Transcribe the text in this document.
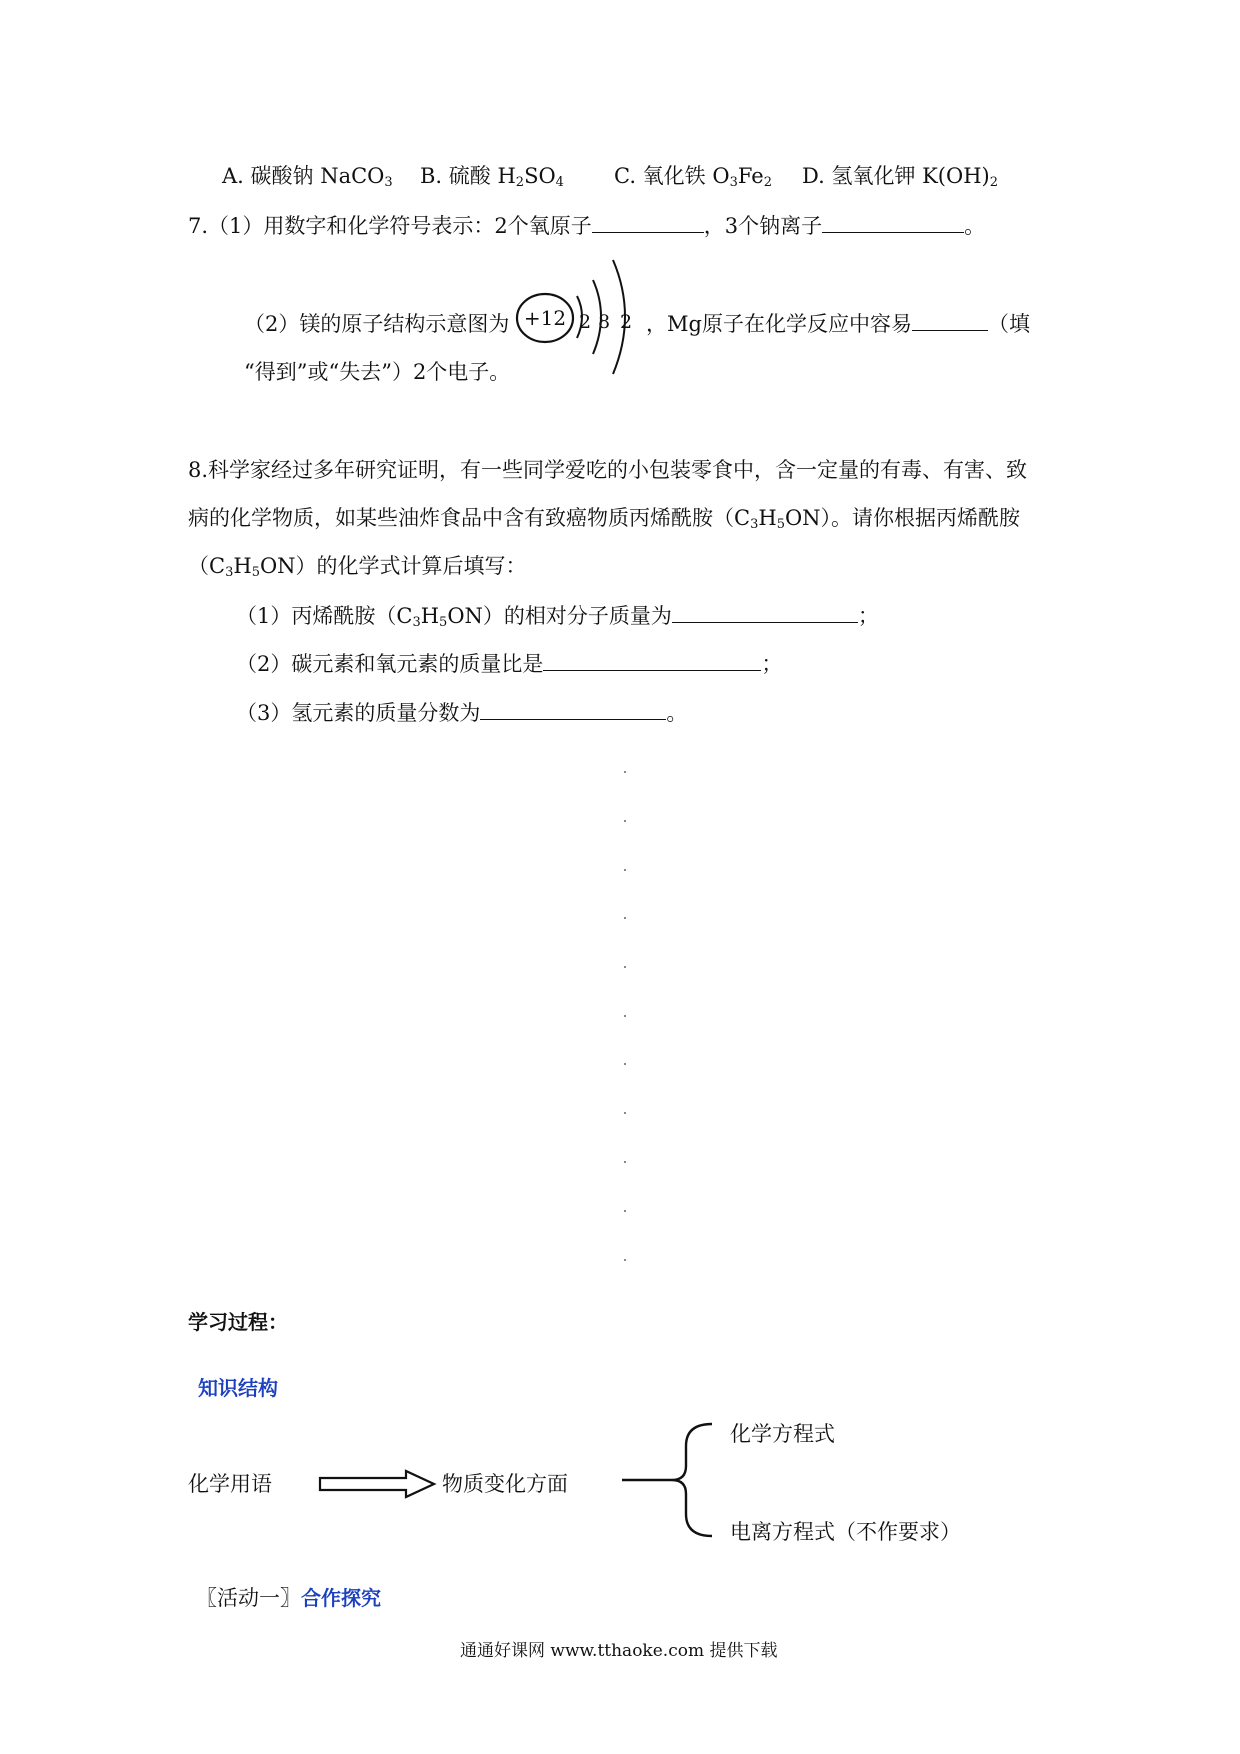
A. 碳酸钠 NaCO$_3$ B. 硫酸 $H_2SO_4$ C. 氧化铁 $O_3Fe_2$ D. 氢氧化钾 $K(OH)_2$
7.（1）用数字和化学符号表示：2个氧原子	，3个钠离子	。
（2）镁的原子结构示意图为 +12 2 8 2 ，Mg原子在化学反应中容易	（填
“得到”或“失去”）2个电子。
8.科学家经过多年研究证明，有一些同学爱吃的小包装零食中，含一定量的有毒、有害、致
病的化学物质，如某些油炸食品中含有致癌物质丙烯酰胺$(C_3H_5ON)$。请你根据丙烯酰胺
$(C_3H_5ON)$的化学式计算后填写：
（1）丙烯酰胺$(C_3H_5ON)$的相对分子质量为	；
（2）碳元素和氧元素的质量比是	；
（3）氢元素的质量分数为	。
学习过程：
知识结构
化学用语	物质变化方面
化学方程式
电离方程式（不作要求）
〖活动一〗合作探究
通通好课网 www.tthaoke.com 提供下载
